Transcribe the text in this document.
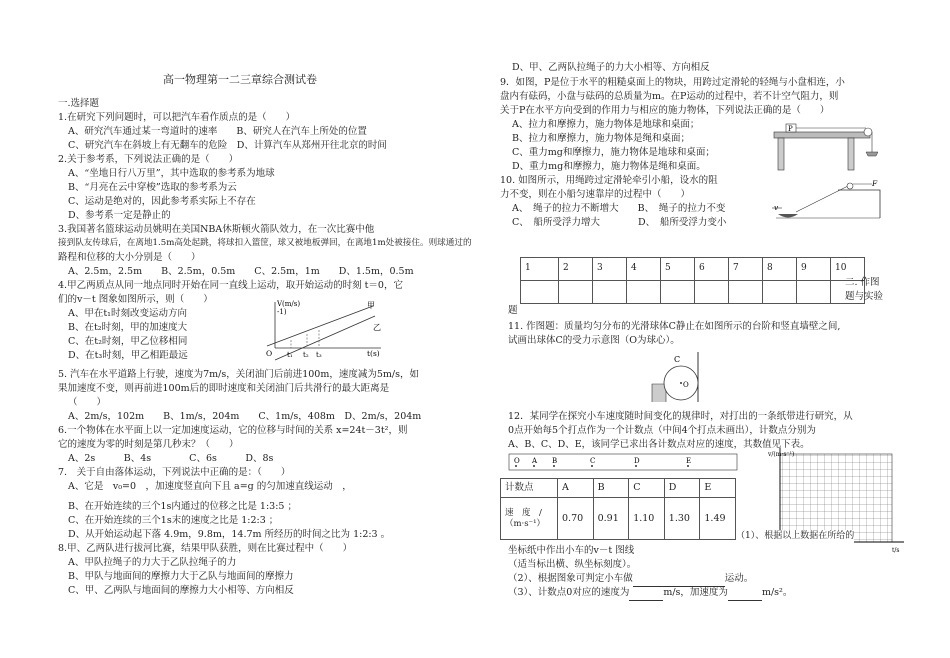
高一物理第一二三章综合测试卷
一.选择题
1.在研究下列问题时，可以把汽车看作质点的是（　　）
A、研究汽车通过某一弯道时的速率　　B、研究人在汽车上所处的位置
C、研究汽车在斜坡上有无翻车的危险　D、计算汽车从郑州开往北京的时间
2.关于参考系，下列说法正确的是（　　）
A、“坐地日行八万里”，其中选取的参考系为地球
B、“月亮在云中穿梭”选取的参考系为云
C、运动是绝对的，因此参考系实际上不存在
D、参考系一定是静止的
3.我国著名篮球运动员姚明在美国NBA休斯顿火箭队效力，在一次比赛中他
接到队友传球后，在离地1.5m高处起跳，将球扣入篮筐，球又被地板弹回，在离地1m处被接住。则球通过的
路程和位移的大小分别是（　　）
A、2.5m，2.5m　　B、2.5m，0.5m　　C、2.5m，1m　　D、1.5m，0.5m
4.甲乙两质点从同一地点同时开始在同一直线上运动，取开始运动的时刻 t＝0，它
们的v－t 图象如图所示，则（　　）
A、甲在t₁时刻改变运动方向
B、在t₂时刻，甲的加速度大
C、在t₂时刻，甲乙位移相同
D、在t₃时刻，甲乙相距最远
V(m/s)
-1)
t(s)
O
甲
乙
t₁ t₂ t₃
5. 汽车在水平道路上行驶，速度为7m/s，关闭油门后前进100m，速度减为5m/s，如
果加速度不变，则再前进100m后的即时速度和关闭油门后共滑行的最大距离是
（　　）
A、2m/s，102m　　B、1m/s，204m　　C、1m/s，408m　D、2m/s，204m
6.一个物体在水平面上以一定加速度运动，它的位移与时间的关系 x=24t－3t²，则
它的速度为零的时刻是第几秒末？（　　）
A、2s　　　B、4s　　　　C、6s　　　D、8s
7.　关于自由落体运动，下列说法中正确的是：（　　）
A、它是　v₀=0　，加速度竖直向下且 a=g 的匀加速直线运动　，
B、在开始连续的三个1s内通过的位移之比是 1:3:5 ；
C、在开始连续的三个1s末的速度之比是 1:2:3 ；
D、从开始运动起下落 4.9m，9.8m，14.7m 所经历的时间之比为 1:2:3 。
8.甲、乙两队进行拔河比赛，结果甲队获胜，则在比赛过程中（　　）
A、甲队拉绳子的力大于乙队拉绳子的力
B、甲队与地面间的摩擦力大于乙队与地面间的摩擦力
C、甲、乙两队与地面间的摩擦力大小相等、方向相反
D、甲、乙两队拉绳子的力大小相等、方向相反
9．如图，P是位于水平的粗糙桌面上的物块，用跨过定滑轮的轻绳与小盘相连，小
盘内有砝码，小盘与砝码的总质量为m。在P运动的过程中，若不计空气阻力，则
关于P在水平方向受到的作用力与相应的施力物体，下列说法正确的是（　　）
A、拉力和摩擦力，施力物体是地球和桌面；
B、拉力和摩擦力，施力物体是绳和桌面；
C、重力mg和摩擦力，施力物体是地球和桌面；
D、重力mg和摩擦力，施力物体是绳和桌面。
P
10. 如图所示，用绳跨过定滑轮牵引小船，设水的阻
力不变，则在小船匀速靠岸的过程中（　　）
A、　绳子的拉力不断增大　　B、　绳子的拉力不变
C、　船所受浮力增大　　　　D、　船所受浮力变小
v
F
1	2	3	4	5	6	7	8	9	10

二. 作图
题与实验
题
11. 作图题：质量均匀分布的光滑球体C静止在如图所示的台阶和竖直墙壁之间,
试画出球体C的受力示意图（O为球心）。
C
O
12．某同学在探究小车速度随时间变化的规律时，对打出的一条纸带进行研究，从
0点开始每5个打点作为一个计数点（中间4个打点未画出），计数点分别为
A、B、C、D、E，该同学已求出各计数点对应的速度，其数值见下表。
O A B	C	D	E
计数点	A	B	C	D	E
速　度　/（m·s⁻¹）	0.70	0.91	1.10	1.30	1.49
v/(m·s⁻¹)
t/s
（1）、根据以上数据在所给的
坐标纸中作出小车的v－t 图线
（适当标出横、纵坐标刻度）。
（2）、根据图象可判定小车做	运动。
（3）、计数点0对应的速度为	m/s，加速度为	m/s²。
